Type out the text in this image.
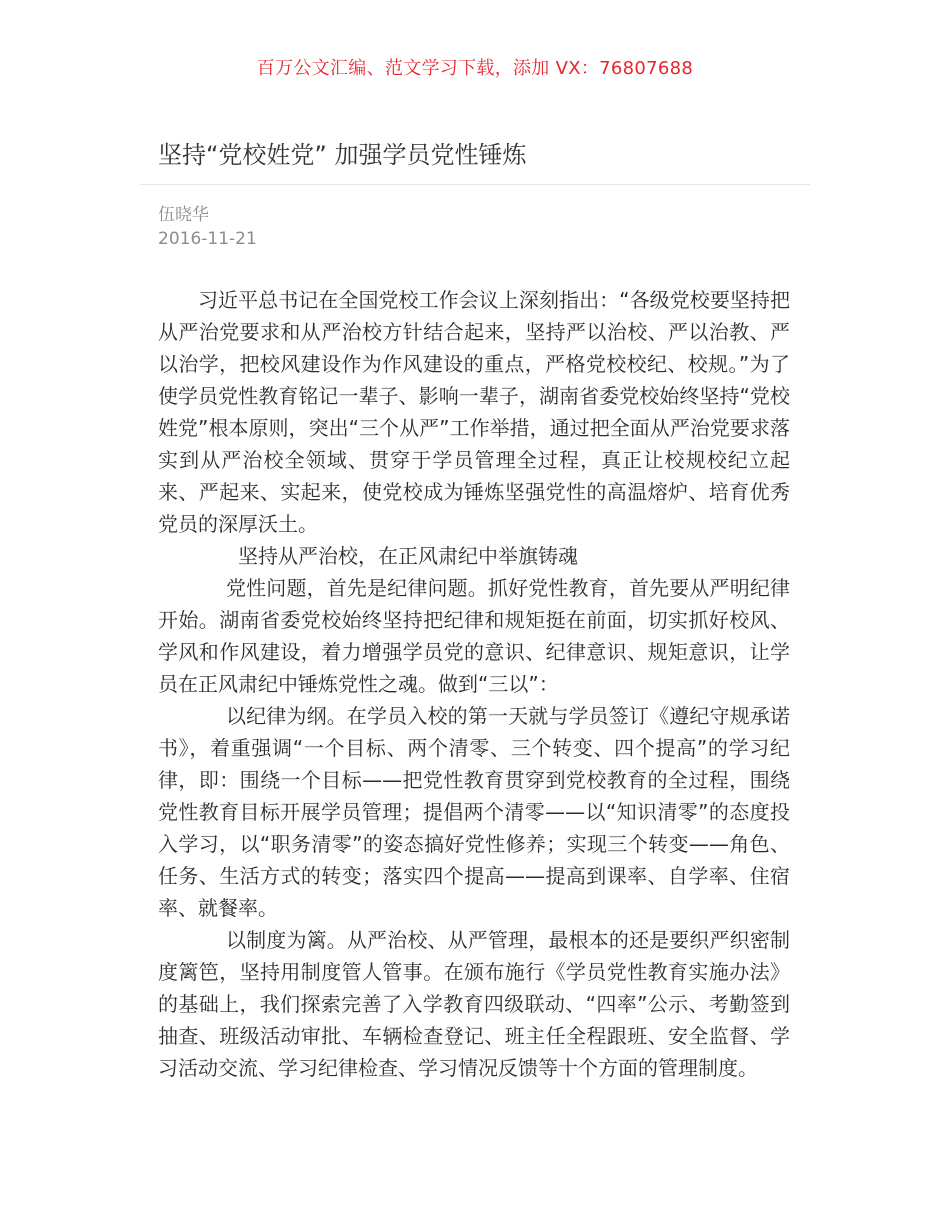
百万公文汇编、范文学习下载，添加 VX：76807688
坚持“党校姓党” 加强学员党性锤炼
伍晓华
2016-11-21

习近平总书记在全国党校工作会议上深刻指出：“各级党校要坚持把从严治党要求和从严治校方针结合起来，坚持严以治校、严以治教、严以治学，把校风建设作为作风建设的重点，严格党校校纪、校规。”为了使学员党性教育铭记一辈子、影响一辈子，湖南省委党校始终坚持“党校姓党”根本原则，突出“三个从严”工作举措，通过把全面从严治党要求落实到从严治校全领域、贯穿于学员管理全过程，真正让校规校纪立起来、严起来、实起来，使党校成为锤炼坚强党性的高温熔炉、培育优秀党员的深厚沃土。

坚持从严治校，在正风肃纪中举旗铸魂

党性问题，首先是纪律问题。抓好党性教育，首先要从严明纪律开始。湖南省委党校始终坚持把纪律和规矩挺在前面，切实抓好校风、学风和作风建设，着力增强学员党的意识、纪律意识、规矩意识，让学员在正风肃纪中锤炼党性之魂。做到“三以”：

以纪律为纲。在学员入校的第一天就与学员签订《遵纪守规承诺书》，着重强调“一个目标、两个清零、三个转变、四个提高”的学习纪律，即：围绕一个目标——把党性教育贯穿到党校教育的全过程，围绕党性教育目标开展学员管理；提倡两个清零——以“知识清零”的态度投入学习，以“职务清零”的姿态搞好党性修养；实现三个转变——角色、任务、生活方式的转变；落实四个提高——提高到课率、自学率、住宿率、就餐率。

以制度为篱。从严治校、从严管理，最根本的还是要织严织密制度篱笆，坚持用制度管人管事。在颁布施行《学员党性教育实施办法》的基础上，我们探索完善了入学教育四级联动、“四率”公示、考勤签到抽查、班级活动审批、车辆检查登记、班主任全程跟班、安全监督、学习活动交流、学习纪律检查、学习情况反馈等十个方面的管理制度。
